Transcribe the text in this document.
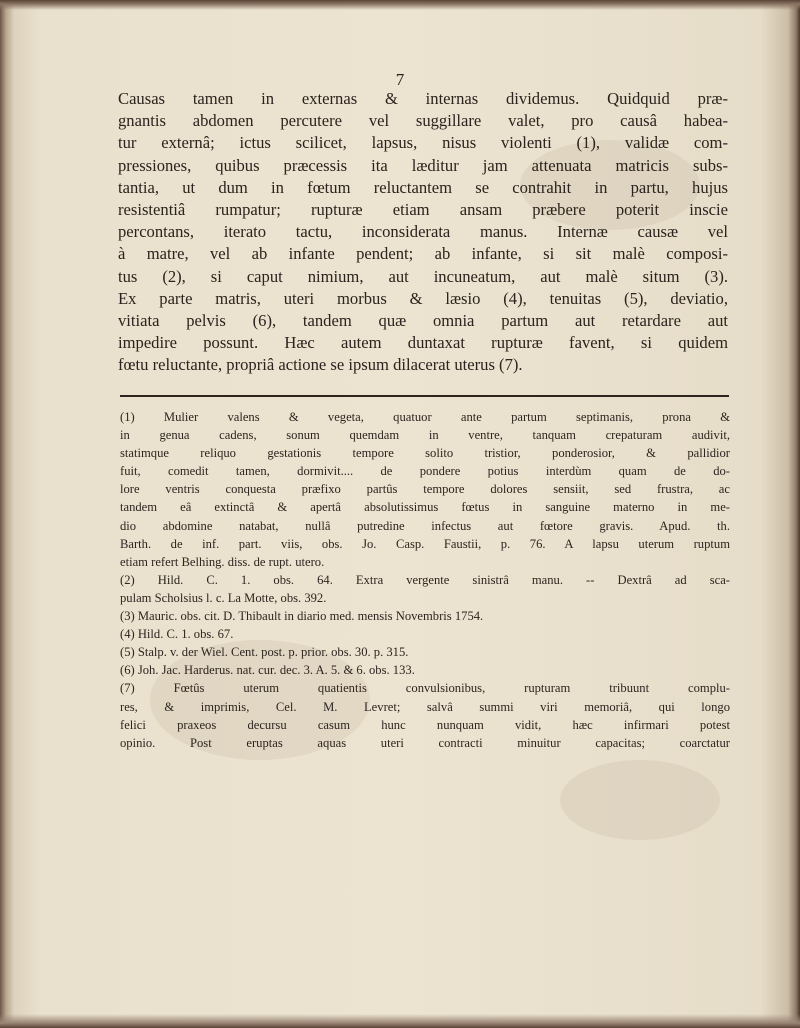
7
Causas tamen in externas & internas dividemus. Quidquid præ-
gnantis abdomen percutere vel suggillare valet, pro causâ habea-
tur externâ; ictus scilicet, lapsus, nisus violenti (1), validæ com-
pressiones, quibus præcessis ita læditur jam attenuata matricis subs-
tantia, ut dum in fœtum reluctantem se contrahit in partu, hujus
resistentiâ rumpatur; rupturæ etiam ansam præbere poterit inscie
percontans, iterato tactu, inconsiderata manus. Internæ causæ vel
à matre, vel ab infante pendent; ab infante, si sit malè composi-
tus (2), si caput nimium, aut incuneatum, aut malè situm (3).
Ex parte matris, uteri morbus & læsio (4), tenuitas (5), deviatio,
vitiata pelvis (6), tandem quæ omnia partum aut retardare aut
impedire possunt. Hæc autem duntaxat rupturæ favent, si quidem
fœtu reluctante, propriâ actione se ipsum dilacerat uterus (7).
(1) Mulier valens & vegeta, quatuor ante partum septimanis, prona &
in genua cadens, sonum quemdam in ventre, tanquam crepaturam audivit,
statimque reliquo gestationis tempore solito tristior, ponderosior, & pallidior
fuit, comedit tamen, dormivit.... de pondere potius interdùm quam de do-
lore ventris conquesta præfixo partûs tempore dolores sensiit, sed frustra, ac
tandem eâ extinctâ & apertâ absolutissimus fœtus in sanguine materno in me-
dio abdomine natabat, nullâ putredine infectus aut fœtore gravis. Apud. th.
Barth. de inf. part. viis, obs. Jo. Casp. Faustii, p. 76. A lapsu uterum ruptum
etiam refert Belhing. diss. de rupt. utero.
(2) Hild. C. 1. obs. 64. Extra vergente sinistrâ manu. -- Dextrâ ad sca-
pulam Scholsius l. c. La Motte, obs. 392.
(3) Mauric. obs. cit. D. Thibault in diario med. mensis Novembris 1754.
(4) Hild. C. 1. obs. 67.
(5) Stalp. v. der Wiel. Cent. post. p. prior. obs. 30. p. 315.
(6) Joh. Jac. Harderus. nat. cur. dec. 3. A. 5. & 6. obs. 133.
(7) Fœtûs uterum quatientis convulsionibus, rupturam tribuunt complu-
res, & imprimis, Cel. M. Levret; salvâ summi viri memoriâ, qui longo
felici praxeos decursu casum hunc nunquam vidit, hæc infirmari potest
opinio. Post eruptas aquas uteri contracti minuitur capacitas; coarctatur
